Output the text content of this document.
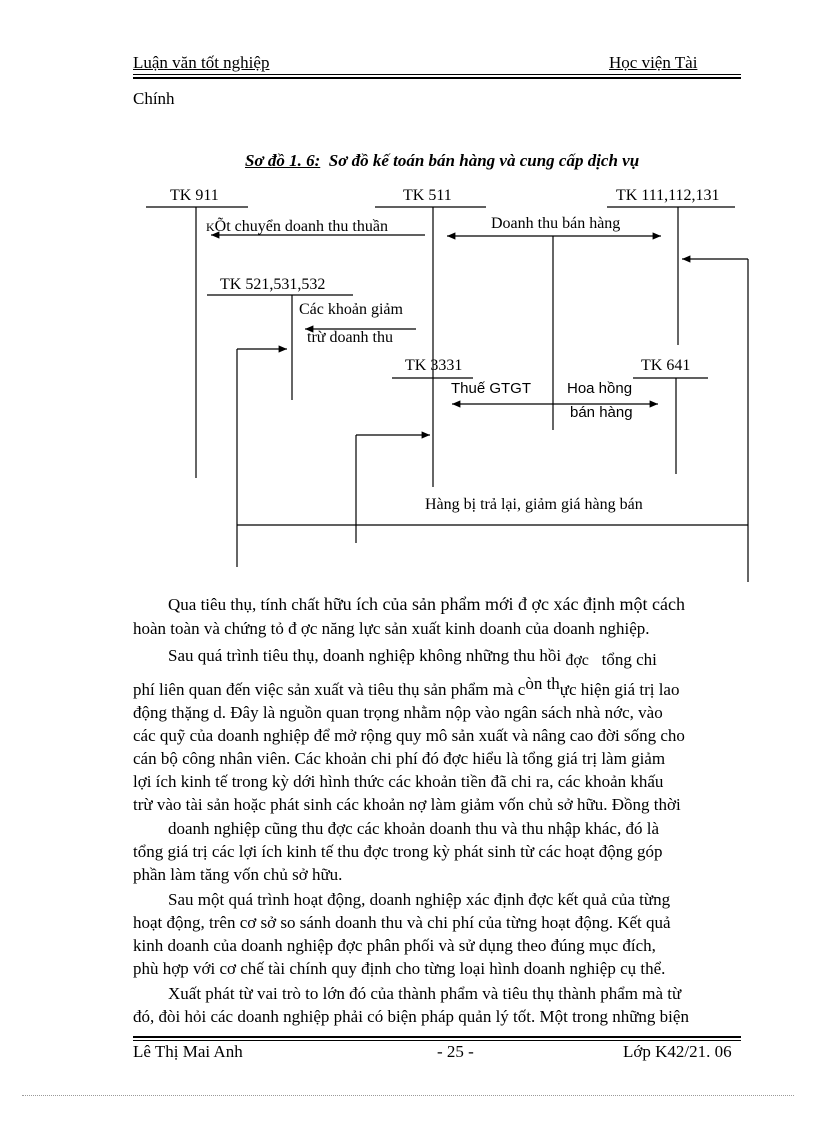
Luận văn tốt nghiệp	Học viện Tài
Chính
Sơ đồ 1. 6: Sơ đồ kế toán bán hàng và cung cấp dịch vụ
TK 911	TK 511	TK 111,112,131
TK 521,531,532
TK 3331	TK 641
KÕt chuyển doanh thu thuần	Doanh thu bán hàng
Các khoản giảm
trừ doanh thu
Thuế GTGT Hoa hồng
bán hàng
Hàng bị trả lại, giảm giá hàng bán
Qua tiêu thụ, tính chất hữu ích của sản phẩm mới đ ợc xác định một cách
hoàn toàn và chứng tỏ đ ợc năng lực sản xuất kinh doanh của doanh nghiệp.
Sau quá trình tiêu thụ, doanh nghiệp không những thu hồi đợc tổng chi
phí liên quan đến việc sản xuất và tiêu thụ sản phẩm mà còn thực hiện giá trị lao
động thặng d. Đây là nguồn quan trọng nhằm nộp vào ngân sách nhà nớc, vào
các quỹ của doanh nghiệp để mở rộng quy mô sản xuất và nâng cao đời sống cho
cán bộ công nhân viên. Các khoản chi phí đó đợc hiểu là tổng giá trị làm giảm
lợi ích kinh tế trong kỳ dới hình thức các khoản tiền đã chi ra, các khoản khấu
trừ vào tài sản hoặc phát sinh các khoản nợ làm giảm vốn chủ sở hữu. Đồng thời
doanh nghiệp cũng thu đợc các khoản doanh thu và thu nhập khác, đó là
tổng giá trị các lợi ích kinh tế thu đợc trong kỳ phát sinh từ các hoạt động góp
phần làm tăng vốn chủ sở hữu.
Sau một quá trình hoạt động, doanh nghiệp xác định đợc kết quả của từng
hoạt động, trên cơ sở so sánh doanh thu và chi phí của từng hoạt động. Kết quả
kinh doanh của doanh nghiệp đợc phân phối và sử dụng theo đúng mục đích,
phù hợp với cơ chế tài chính quy định cho từng loại hình doanh nghiệp cụ thể.
Xuất phát từ vai trò to lớn đó của thành phẩm và tiêu thụ thành phẩm mà từ
đó, đòi hỏi các doanh nghiệp phải có biện pháp quản lý tốt. Một trong những biện
Lê Thị Mai Anh	- 25 -	Lớp K42/21. 06
